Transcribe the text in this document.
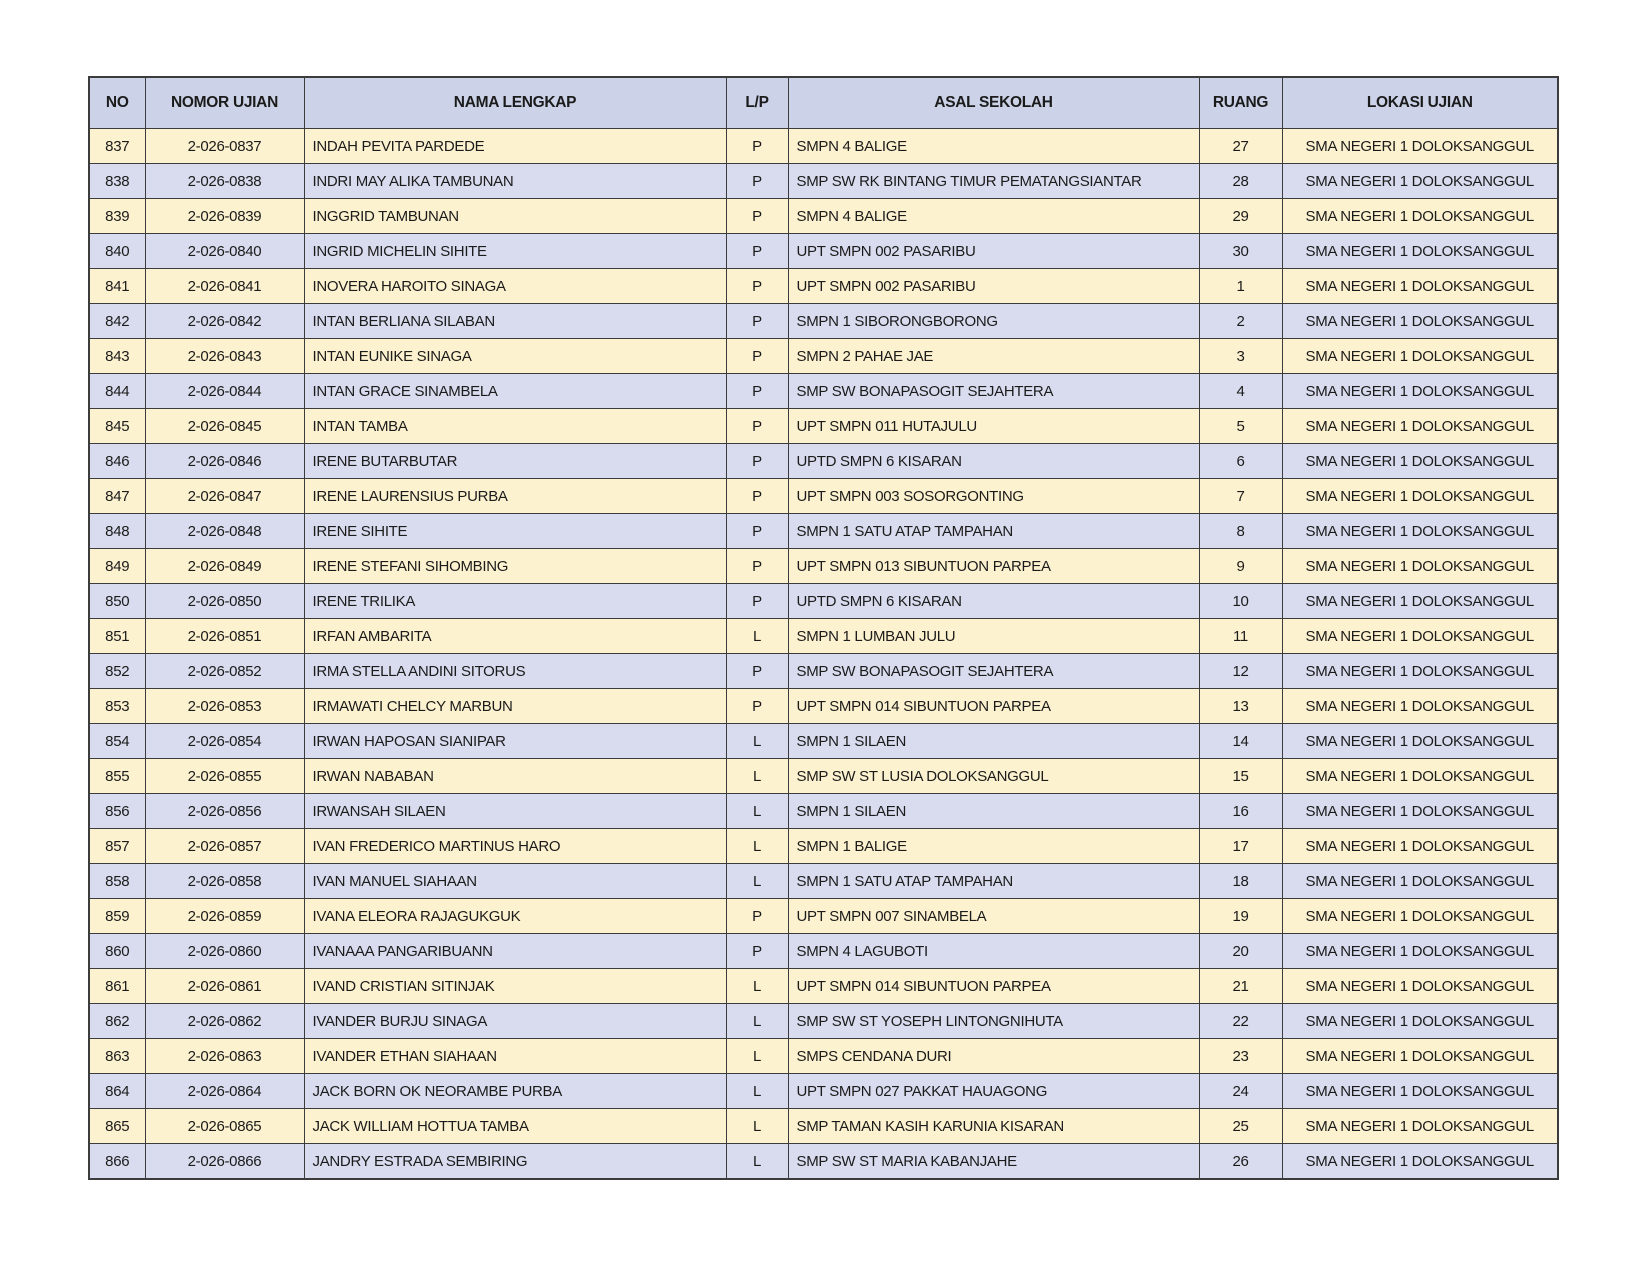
NO	NOMOR UJIAN	NAMA LENGKAP	L/P	ASAL SEKOLAH	RUANG	LOKASI UJIAN
837	2-026-0837	INDAH PEVITA PARDEDE	P	SMPN 4 BALIGE	27	SMA NEGERI 1 DOLOKSANGGUL
838	2-026-0838	INDRI MAY ALIKA TAMBUNAN	P	SMP SW RK BINTANG TIMUR PEMATANGSIANTAR	28	SMA NEGERI 1 DOLOKSANGGUL
839	2-026-0839	INGGRID TAMBUNAN	P	SMPN 4 BALIGE	29	SMA NEGERI 1 DOLOKSANGGUL
840	2-026-0840	INGRID MICHELIN SIHITE	P	UPT SMPN 002 PASARIBU	30	SMA NEGERI 1 DOLOKSANGGUL
841	2-026-0841	INOVERA HAROITO SINAGA	P	UPT SMPN 002 PASARIBU	1	SMA NEGERI 1 DOLOKSANGGUL
842	2-026-0842	INTAN BERLIANA SILABAN	P	SMPN 1 SIBORONGBORONG	2	SMA NEGERI 1 DOLOKSANGGUL
843	2-026-0843	INTAN EUNIKE SINAGA	P	SMPN 2 PAHAE JAE	3	SMA NEGERI 1 DOLOKSANGGUL
844	2-026-0844	INTAN GRACE SINAMBELA	P	SMP SW BONAPASOGIT SEJAHTERA	4	SMA NEGERI 1 DOLOKSANGGUL
845	2-026-0845	INTAN TAMBA	P	UPT SMPN 011 HUTAJULU	5	SMA NEGERI 1 DOLOKSANGGUL
846	2-026-0846	IRENE BUTARBUTAR	P	UPTD SMPN 6 KISARAN	6	SMA NEGERI 1 DOLOKSANGGUL
847	2-026-0847	IRENE LAURENSIUS PURBA	P	UPT SMPN 003 SOSORGONTING	7	SMA NEGERI 1 DOLOKSANGGUL
848	2-026-0848	IRENE SIHITE	P	SMPN 1 SATU ATAP TAMPAHAN	8	SMA NEGERI 1 DOLOKSANGGUL
849	2-026-0849	IRENE STEFANI SIHOMBING	P	UPT SMPN 013 SIBUNTUON PARPEA	9	SMA NEGERI 1 DOLOKSANGGUL
850	2-026-0850	IRENE TRILIKA	P	UPTD SMPN 6 KISARAN	10	SMA NEGERI 1 DOLOKSANGGUL
851	2-026-0851	IRFAN AMBARITA	L	SMPN 1 LUMBAN JULU	11	SMA NEGERI 1 DOLOKSANGGUL
852	2-026-0852	IRMA STELLA ANDINI SITORUS	P	SMP SW BONAPASOGIT SEJAHTERA	12	SMA NEGERI 1 DOLOKSANGGUL
853	2-026-0853	IRMAWATI CHELCY MARBUN	P	UPT SMPN 014 SIBUNTUON PARPEA	13	SMA NEGERI 1 DOLOKSANGGUL
854	2-026-0854	IRWAN HAPOSAN SIANIPAR	L	SMPN 1 SILAEN	14	SMA NEGERI 1 DOLOKSANGGUL
855	2-026-0855	IRWAN NABABAN	L	SMP SW ST LUSIA DOLOKSANGGUL	15	SMA NEGERI 1 DOLOKSANGGUL
856	2-026-0856	IRWANSAH SILAEN	L	SMPN 1 SILAEN	16	SMA NEGERI 1 DOLOKSANGGUL
857	2-026-0857	IVAN FREDERICO MARTINUS HARO	L	SMPN 1 BALIGE	17	SMA NEGERI 1 DOLOKSANGGUL
858	2-026-0858	IVAN MANUEL SIAHAAN	L	SMPN 1 SATU ATAP TAMPAHAN	18	SMA NEGERI 1 DOLOKSANGGUL
859	2-026-0859	IVANA ELEORA RAJAGUKGUK	P	UPT SMPN 007 SINAMBELA	19	SMA NEGERI 1 DOLOKSANGGUL
860	2-026-0860	IVANAAA PANGARIBUANN	P	SMPN 4 LAGUBOTI	20	SMA NEGERI 1 DOLOKSANGGUL
861	2-026-0861	IVAND CRISTIAN SITINJAK	L	UPT SMPN 014 SIBUNTUON PARPEA	21	SMA NEGERI 1 DOLOKSANGGUL
862	2-026-0862	IVANDER BURJU SINAGA	L	SMP SW ST YOSEPH LINTONGNIHUTA	22	SMA NEGERI 1 DOLOKSANGGUL
863	2-026-0863	IVANDER ETHAN SIAHAAN	L	SMPS CENDANA DURI	23	SMA NEGERI 1 DOLOKSANGGUL
864	2-026-0864	JACK BORN OK NEORAMBE PURBA	L	UPT SMPN 027 PAKKAT HAUAGONG	24	SMA NEGERI 1 DOLOKSANGGUL
865	2-026-0865	JACK WILLIAM HOTTUA TAMBA	L	SMP TAMAN KASIH KARUNIA KISARAN	25	SMA NEGERI 1 DOLOKSANGGUL
866	2-026-0866	JANDRY ESTRADA SEMBIRING	L	SMP SW ST MARIA KABANJAHE	26	SMA NEGERI 1 DOLOKSANGGUL
